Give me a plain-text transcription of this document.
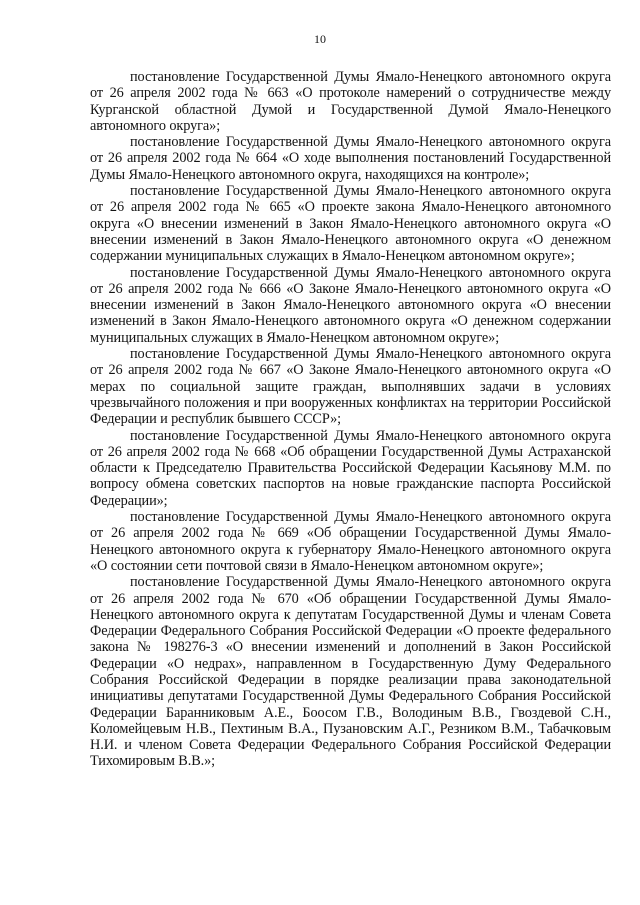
10

постановление Государственной Думы Ямало-Ненецкого автономного округа от 26 апреля 2002 года № 663 «О протоколе намерений о сотрудничестве между Курганской областной Думой и Государственной Думой Ямало-Ненецкого автономного округа»;

постановление Государственной Думы Ямало-Ненецкого автономного округа от 26 апреля 2002 года № 664 «О ходе выполнения постановлений Государственной Думы Ямало-Ненецкого автономного округа, находящихся на контроле»;

постановление Государственной Думы Ямало-Ненецкого автономного округа от 26 апреля 2002 года № 665 «О проекте закона Ямало-Ненецкого автономного округа «О внесении изменений в Закон Ямало-Ненецкого автономного округа «О внесении изменений в Закон Ямало-Ненецкого автономного округа «О денежном содержании муниципальных служащих в Ямало-Ненецком автономном округе»;

постановление Государственной Думы Ямало-Ненецкого автономного округа от 26 апреля 2002 года № 666 «О Законе Ямало-Ненецкого автономного округа «О внесении изменений в Закон Ямало-Ненецкого автономного округа «О внесении изменений в Закон Ямало-Ненецкого автономного округа «О денежном содержании муниципальных служащих в Ямало-Ненецком автономном округе»;

постановление Государственной Думы Ямало-Ненецкого автономного округа от 26 апреля 2002 года № 667 «О Законе Ямало-Ненецкого автономного округа «О мерах по социальной защите граждан, выполнявших задачи в условиях чрезвычайного положения и при вооруженных конфликтах на территории Российской Федерации и республик бывшего СССР»;

постановление Государственной Думы Ямало-Ненецкого автономного округа от 26 апреля 2002 года № 668 «Об обращении Государственной Думы Астраханской области к Председателю Правительства Российской Федерации Касьянову М.М. по вопросу обмена советских паспортов на новые гражданские паспорта Российской Федерации»;

постановление Государственной Думы Ямало-Ненецкого автономного округа от 26 апреля 2002 года № 669 «Об обращении Государственной Думы Ямало-Ненецкого автономного округа к губернатору Ямало-Ненецкого автономного округа «О состоянии сети почтовой связи в Ямало-Ненецком автономном округе»;

постановление Государственной Думы Ямало-Ненецкого автономного округа от 26 апреля 2002 года № 670 «Об обращении Государственной Думы Ямало-Ненецкого автономного округа к депутатам Государственной Думы и членам Совета Федерации Федерального Собрания Российской Федерации «О проекте федерального закона № 198276-3 «О внесении изменений и дополнений в Закон Российской Федерации «О недрах», направленном в Государственную Думу Федерального Собрания Российской Федерации в порядке реализации права законодательной инициативы депутатами Государственной Думы Федерального Собрания Российской Федерации Баранниковым А.Е., Боосом Г.В., Володиным В.В., Гвоздевой С.Н., Коломейцевым Н.В., Пехтиным В.А., Пузановским А.Г., Резником В.М., Табачковым Н.И. и членом Совета Федерации Федерального Собрания Российской Федерации Тихомировым В.В.»;
